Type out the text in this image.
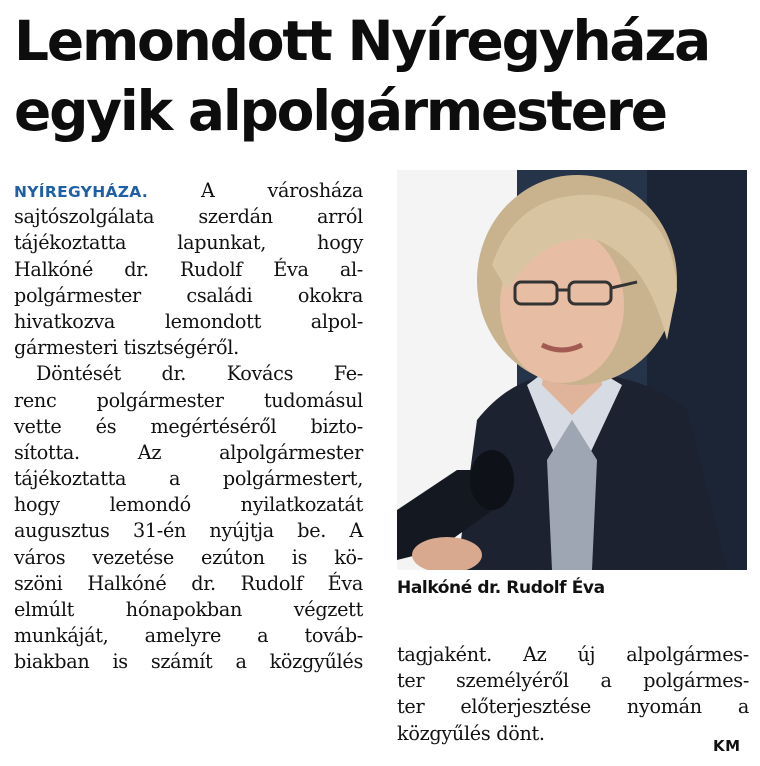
Lemondott Nyíregyháza
egyik alpolgármestere
NYÍREGYHÁZA. A városháza
sajtószolgálata szerdán arról
tájékoztatta lapunkat, hogy
Halkóné dr. Rudolf Éva al-
polgármester családi okokra
hivatkozva lemondott alpol-
gármesteri tisztségéről.
Döntését dr. Kovács Fe-
renc polgármester tudomásul
vette és megértéséről bizto-
sította. Az alpolgármester
tájékoztatta a polgármestert,
hogy lemondó nyilatkozatát
augusztus 31-én nyújtja be. A
város vezetése ezúton is kö-
szöni Halkóné dr. Rudolf Éva
elmúlt hónapokban végzett
munkáját, amelyre a továb-
biakban is számít a közgyűlés
Halkóné dr. Rudolf Éva
tagjaként. Az új alpolgármes-
ter személyéről a polgármes-
ter előterjesztése nyomán a
közgyűlés dönt.
KM
